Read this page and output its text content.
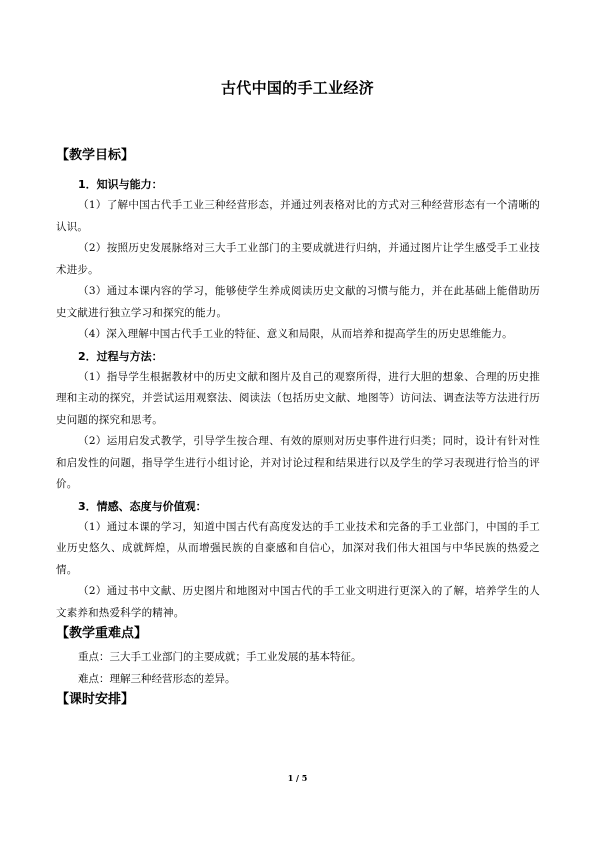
古代中国的手工业经济
【教学目标】
1．知识与能力：

（1）了解中国古代手工业三种经营形态，并通过列表格对比的方式对三种经营形态有一个清晰的认识。

（2）按照历史发展脉络对三大手工业部门的主要成就进行归纳，并通过图片让学生感受手工业技术进步。

（3）通过本课内容的学习，能够使学生养成阅读历史文献的习惯与能力，并在此基础上能借助历史文献进行独立学习和探究的能力。

（4）深入理解中国古代手工业的特征、意义和局限，从而培养和提高学生的历史思维能力。

2．过程与方法：

（1）指导学生根据教材中的历史文献和图片及自己的观察所得，进行大胆的想象、合理的历史推理和主动的探究，并尝试运用观察法、阅读法（包括历史文献、地图等）访问法、调查法等方法进行历史问题的探究和思考。

（2）运用启发式教学，引导学生按合理、有效的原则对历史事件进行归类；同时，设计有针对性和启发性的问题，指导学生进行小组讨论，并对讨论过程和结果进行以及学生的学习表现进行恰当的评价。

3．情感、态度与价值观：

（1）通过本课的学习，知道中国古代有高度发达的手工业技术和完备的手工业部门，中国的手工业历史悠久、成就辉煌，从而增强民族的自豪感和自信心，加深对我们伟大祖国与中华民族的热爱之情。

（2）通过书中文献、历史图片和地图对中国古代的手工业文明进行更深入的了解，培养学生的人文素养和热爱科学的精神。

【教学重难点】

重点：三大手工业部门的主要成就；手工业发展的基本特征。

难点：理解三种经营形态的差异。

【课时安排】
1 / 5
